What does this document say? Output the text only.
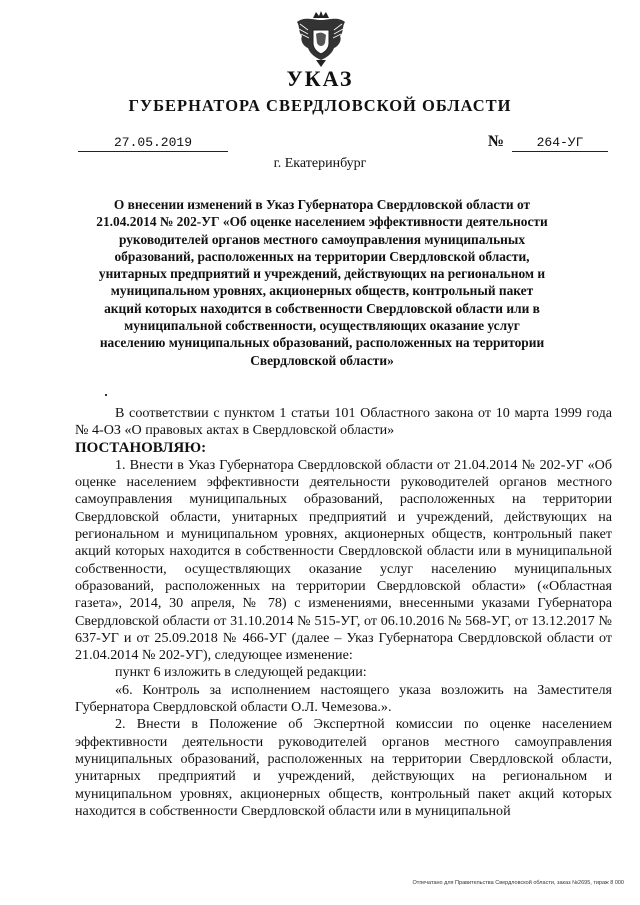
УКАЗ
ГУБЕРНАТОРА СВЕРДЛОВСКОЙ ОБЛАСТИ
27.05.2019	№	264-УГ
г. Екатеринбург
О внесении изменений в Указ Губернатора Свердловской области от 21.04.2014 № 202-УГ «Об оценке населением эффективности деятельности руководителей органов местного самоуправления муниципальных образований, расположенных на территории Свердловской области, унитарных предприятий и учреждений, действующих на региональном и муниципальном уровнях, акционерных обществ, контрольный пакет акций которых находится в собственности Свердловской области или в муниципальной собственности, осуществляющих оказание услуг населению муниципальных образований, расположенных на территории Свердловской области»

В соответствии с пунктом 1 статьи 101 Областного закона от 10 марта 1999 года № 4-ОЗ «О правовых актах в Свердловской области»

ПОСТАНОВЛЯЮ:

1. Внести в Указ Губернатора Свердловской области от 21.04.2014 № 202-УГ «Об оценке населением эффективности деятельности руководителей органов местного самоуправления муниципальных образований, расположенных на территории Свердловской области, унитарных предприятий и учреждений, действующих на региональном и муниципальном уровнях, акционерных обществ, контрольный пакет акций которых находится в собственности Свердловской области или в муниципальной собственности, осуществляющих оказание услуг населению муниципальных образований, расположенных на территории Свердловской области» («Областная газета», 2014, 30 апреля, № 78) с изменениями, внесенными указами Губернатора Свердловской области от 31.10.2014 № 515-УГ, от 06.10.2016 № 568-УГ, от 13.12.2017 № 637-УГ и от 25.09.2018 № 466-УГ (далее – Указ Губернатора Свердловской области от 21.04.2014 № 202-УГ), следующее изменение:

пункт 6 изложить в следующей редакции:

«6. Контроль за исполнением настоящего указа возложить на Заместителя Губернатора Свердловской области О.Л. Чемезова.».

2. Внести в Положение об Экспертной комиссии по оценке населением эффективности деятельности руководителей органов местного самоуправления муниципальных образований, расположенных на территории Свердловской области, унитарных предприятий и учреждений, действующих на региональном и муниципальном уровнях, акционерных обществ, контрольный пакет акций которых находится в собственности Свердловской области или в муниципальной

Отпечатано для Правительства Свердловской области, заказ №2695, тираж 8 000
